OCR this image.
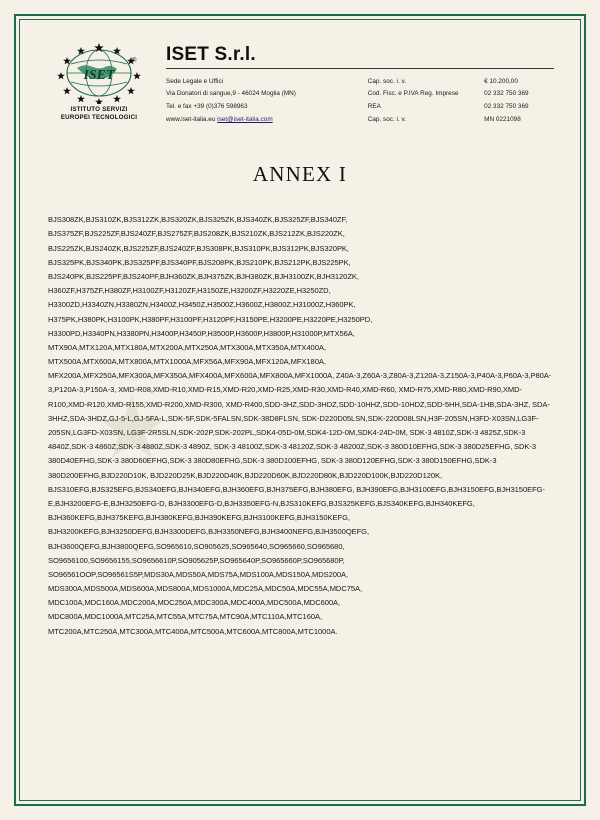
ISET
®
ISTITUTO SERVIZI
EUROPEI TECNOLOGICI
ISET S.r.l.
Sede Legale e Uffici	Cap. soc. i. v.	€ 10.200,00
Via Donatori di sangue,9 - 46024 Moglia (MN)	Cod. Fisc. e P.IVA Reg. Imprese	02 332 750 369
Tel. e fax +39 (0)376 598963	REA	02 332 750 369
www.iset-italia.eu iset@iset-italia.com	Cap. soc. i. v.	MN 0221098
ANNEX I
BJS308ZK,BJS310ZK,BJS312ZK,BJS320ZK,BJS325ZK,BJS340ZK,BJS325ZF,BJS340ZF, BJS375ZF,BJS225ZF,BJS240ZF,BJS275ZF,BJS208ZK,BJS210ZK,BJS212ZK,BJS220ZK, BJS225ZK,BJS240ZK,BJS225ZF,BJS240ZF,BJS308PK,BJS310PK,BJS312PK,BJS320PK, BJS325PK,BJS340PK,BJS325PF,BJS340PF,BJS208PK,BJS210PK,BJS212PK,BJS225PK, BJS240PK,BJS225PF,BJS240PF,BJH360ZK,BJH375ZK,BJH380ZK,BJH3100ZK,BJH3120ZK, H360ZF,H375ZF,H380ZF,H3100ZF,H3120ZF,H3150ZE,H3200ZF,H3220ZE,H3250ZD, H3300ZD,H3340ZN,H3380ZN,H3400Z,H3450Z,H3500Z,H3600Z,H3800Z,H31000Z,H360PK, H375PK,H380PK,H3100PK,H380PF,H3100PF,H3120PF,H3150PE,H3200PE,H3220PE,H3250PD, H3300PD,H3340PN,H3380PN,H3400P,H3450P,H3500P,H3600P,H3800P,H31000P,MTX56A, MTX90A,MTX120A,MTX180A,MTX200A,MTX250A,MTX300A,MTX350A,MTX400A, MTX500A,MTX600A,MTX800A,MTX1000A,MFX56A,MFX90A,MFX120A,MFX180A, MFX200A,MFX250A,MFX300A,MFX350A,MFX400A,MFX600A,MFX800A,MFX1000A, Z40A-3,Z60A-3,Z80A-3,Z120A-3,Z150A-3,P40A-3,P60A-3,P80A-3,P120A-3,P150A-3, XMD-R08,XMD-R10,XMD-R15,XMD-R20,XMD-R25,XMD-R30,XMD-R40,XMD-R60, XMD-R75,XMD-R80,XMD-R90,XMD-R100,XMD-R120,XMD-R155,XMD-R200,XMD-R300, XMD-R400,SDD-3HZ,SDD-3HDZ,SDD-10HHZ,SDD-10HDZ,SDD-5HH,SDA-1HB,SDA-3HZ, SDA-3HHZ,SDA-3HDZ,GJ-5-L,GJ-5FA-L,SDK-5F,SDK-5FALSN,SDK-38D8FLSN, SDK-D220D05LSN,SDK-220D08LSN,H3F-205SN,H3FD-X03SN,LG3F-205SN,LG3FD-X03SN, LG3F-2R5SLN,SDK-202P,SDK-202PL,SDK4-05D-0M,SDK4-12D-0M,SDK4-24D-0M, SDK-3 4810Z,SDK-3 4825Z,SDK-3 4840Z,SDK-3 4860Z,SDK-3 4880Z,SDK-3 4890Z, SDK-3 48100Z,SDK-3 48120Z,SDK-3 48200Z,SDK-3 380D10EFHG,SDK-3 380D25EFHG, SDK-3 380D40EFHG,SDK-3 380D60EFHG,SDK-3 380D80EFHG,SDK-3 380D100EFHG, SDK-3 380D120EFHG,SDK-3 380D150EFHG,SDK-3 380D200EFHG,BJD220D10K, BJD220D25K,BJD220D40K,BJD220D60K,BJD220D80K,BJD220D100K,BJD220D120K, BJS310EFG,BJS325EFG,BJS340EFG,BJH340EFG,BJH360EFG,BJH375EFG,BJH380EFG, BJH390EFG,BJH3100EFG,BJH3150EFG,BJH3150EFG-E,BJH3200EFG-E,BJH3250EFG-D, BJH3300EFG-D,BJH3350EFG-N,BJS310KEFG,BJS325KEFG,BJS340KEFG,BJH340KEFG, BJH360KEFG,BJH375KEFG,BJH380KEFG,BJH390KEFG,BJH3100KEFG,BJH3150KEFG, BJH3200KEFG,BJH3250DEFG,BJH3300DEFG,BJH3350NEFG,BJH3400NEFG,BJH3500QEFG, BJH3600QEFG,BJH3800QEFG,SO965610,SO905625,SO965640,SO965660,SO965680, SO9656100,SO9656155,SO9656610P,SO905625P,SO965640P,SO965660P,SO965680P, SO96561OOP,SO96561S5P,MDS30A,MDS50A,MDS75A,MDS100A,MDS150A,MDS200A, MDS300A,MDS500A,MDS600A,MDS800A,MDS1000A,MDC25A,MDC50A,MDC55A,MDC75A, MDC100A,MDC160A,MDC200A,MDC250A,MDC300A,MDC400A,MDC500A,MDC600A, MDC800A,MDC1000A,MTC25A,MTC55A,MTC75A,MTC90A,MTC110A,MTC160A, MTC200A,MTC250A,MTC300A,MTC400A,MTC500A,MTC600A,MTC800A,MTC1000A.
